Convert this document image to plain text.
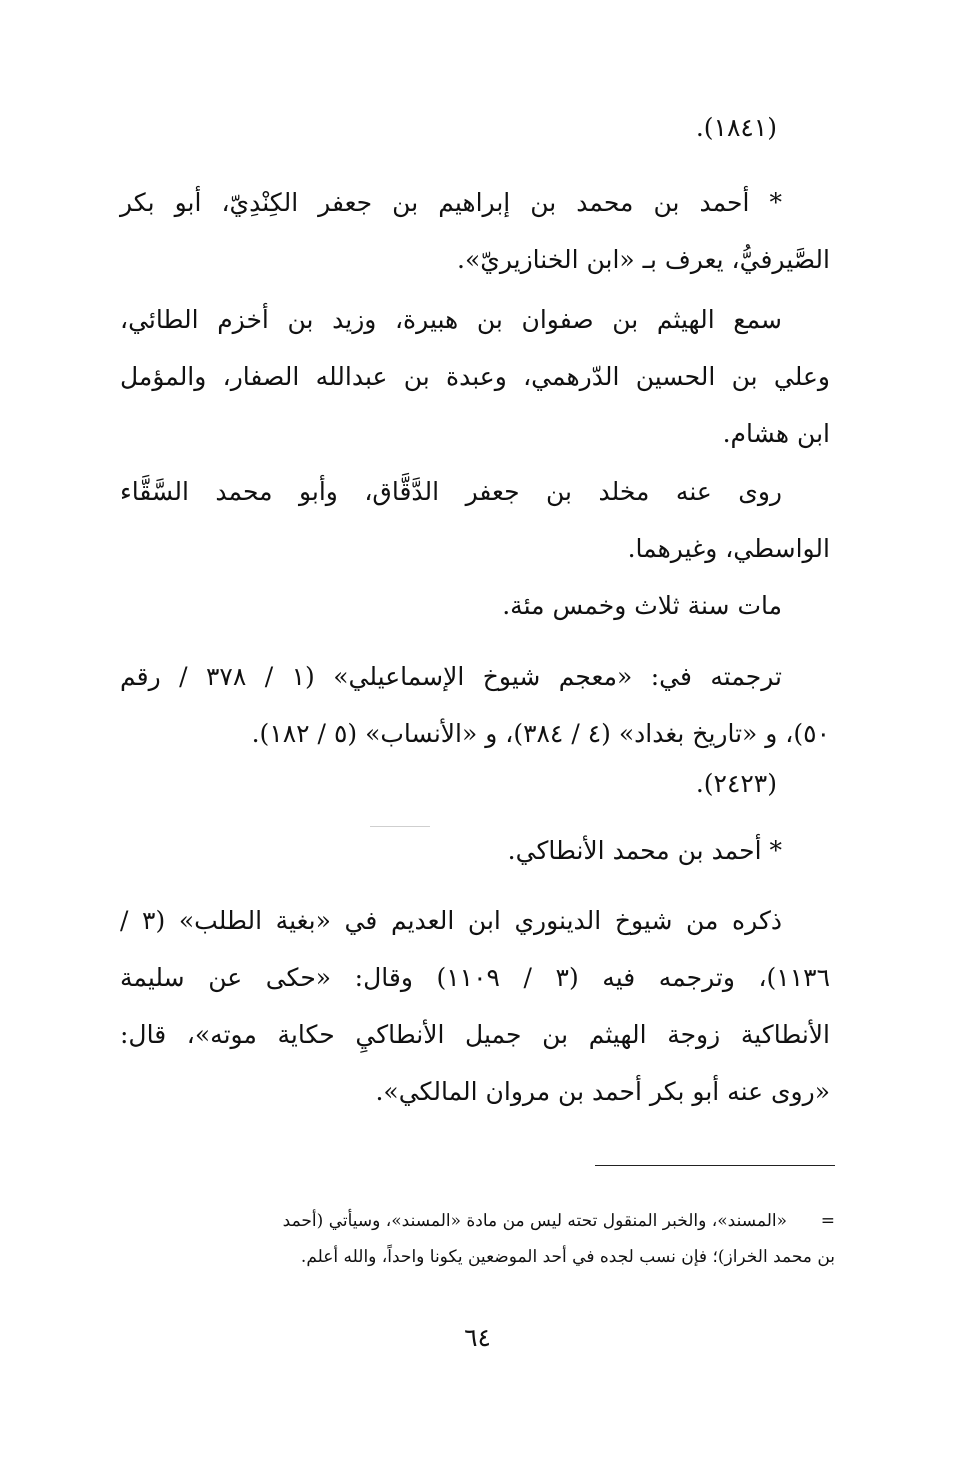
(١٨٤١).
* أحمد بن محمد بن إبراهيم بن جعفر الكِنْدِيّ، أبو بكر
الصَّيرفيُّ، يعرف بـ «ابن الخنازيريّ».
سمع الهيثم بن صفوان بن هبيرة، وزيد بن أخزم الطائي،
وعلي بن الحسين الدّرهمي، وعبدة بن عبدالله الصفار، والمؤمل
ابن هشام.
روى عنه مخلد بن جعفر الدَّقَّاق، وأبو محمد السَّقَّاء
الواسطي، وغيرهما.
مات سنة ثلاث وخمس مئة.
ترجمته في: «معجم شيوخ الإسماعيلي» (١ / ٣٧٨ / رقم
٥٠)، و «تاريخ بغداد» (٤ / ٣٨٤)، و «الأنساب» (٥ / ١٨٢).
(٢٤٢٣).
* أحمد بن محمد الأنطاكي.
ذكره من شيوخ الدينوري ابن العديم في «بغية الطلب» (٣ /
١١٣٦)، وترجمه فيه (٣ / ١١٠٩) وقال: «حكى عن سليمة
الأنطاكية زوجة الهيثم بن جميل الأنطاكيِ حكاية موته»، قال:
«روى عنه أبو بكر أحمد بن مروان المالكي».
=«المسند»، والخبر المنقول تحته ليس من مادة «المسند»، وسيأتي (أحمد
بن محمد الخراز)؛ فإن نسب لجده في أحد الموضعين يكونا واحداً، والله أعلم.
٦٤
